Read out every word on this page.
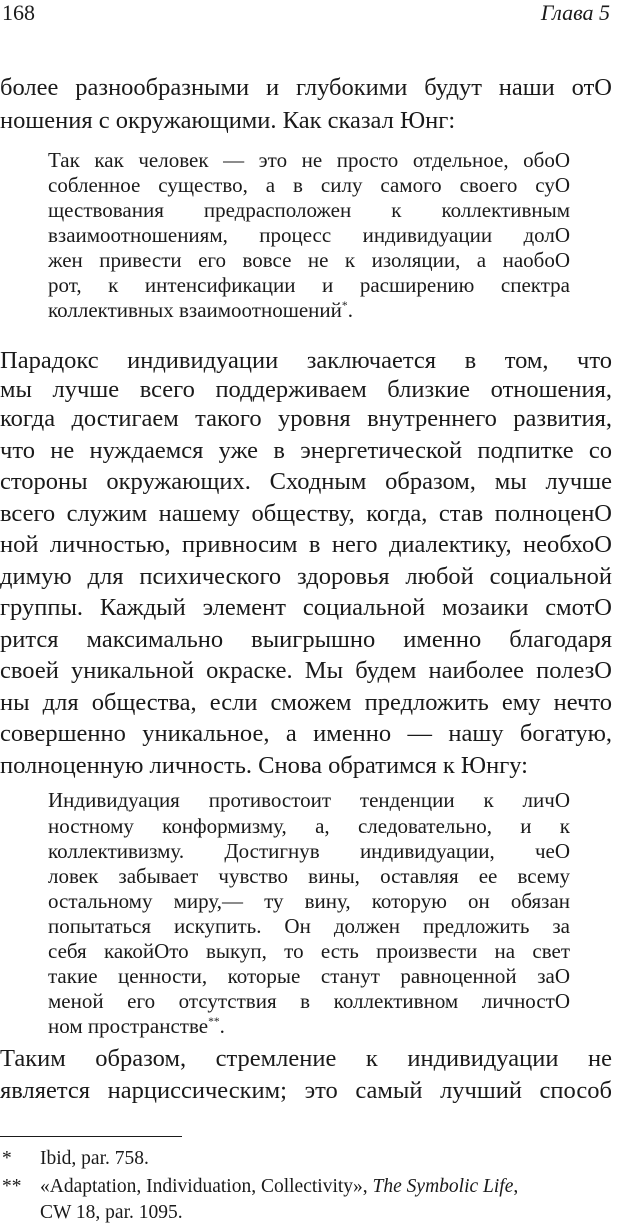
168	Глава 5
более разнообразными и глубокими будут наши отO
ношения с окружающими. Как сказал Юнг:
Так как человек — это не просто отдельное, обоO
собленное существо, а в силу самого своего суO
ществования предрасположен к коллективным
взаимоотношениям, процесс индивидуации долO
жен привести его вовсе не к изоляции, а наобоO
рот, к интенсификации и расширению спектра
коллективных взаимоотношений*.
Парадокс индивидуации заключается в том, что
мы лучше всего поддерживаем близкие отношения,
когда достигаем такого уровня внутреннего развития,
что не нуждаемся уже в энергетической подпитке со
стороны окружающих. Сходным образом, мы лучше
всего служим нашему обществу, когда, став полноценO
ной личностью, привносим в него диалектику, необхоO
димую для психического здоровья любой социальной
группы. Каждый элемент социальной мозаики смотO
рится максимально выигрышно именно благодаря
своей уникальной окраске. Мы будем наиболее полезO
ны для общества, если сможем предложить ему нечто
совершенно уникальное, а именно — нашу богатую,
полноценную личность. Снова обратимся к Юнгу:
Индивидуация противостоит тенденции к личO
ностному конформизму, а, следовательно, и к
коллективизму. Достигнув индивидуации, чеO
ловек забывает чувство вины, оставляя ее всему
остальному миру,— ту вину, которую он обязан
попытаться искупить. Он должен предложить за
себя какойOто выкуп, то есть произвести на свет
такие ценности, которые станут равноценной заO
меной его отсутствия в коллективном личностO
ном пространстве**.
Таким образом, стремление к индивидуации не
является нарциссическим; это самый лучший способ
* Ibid, par. 758.
** «Adaptation, Individuation, Collectivity», The Symbolic Life,
CW 18, par. 1095.
